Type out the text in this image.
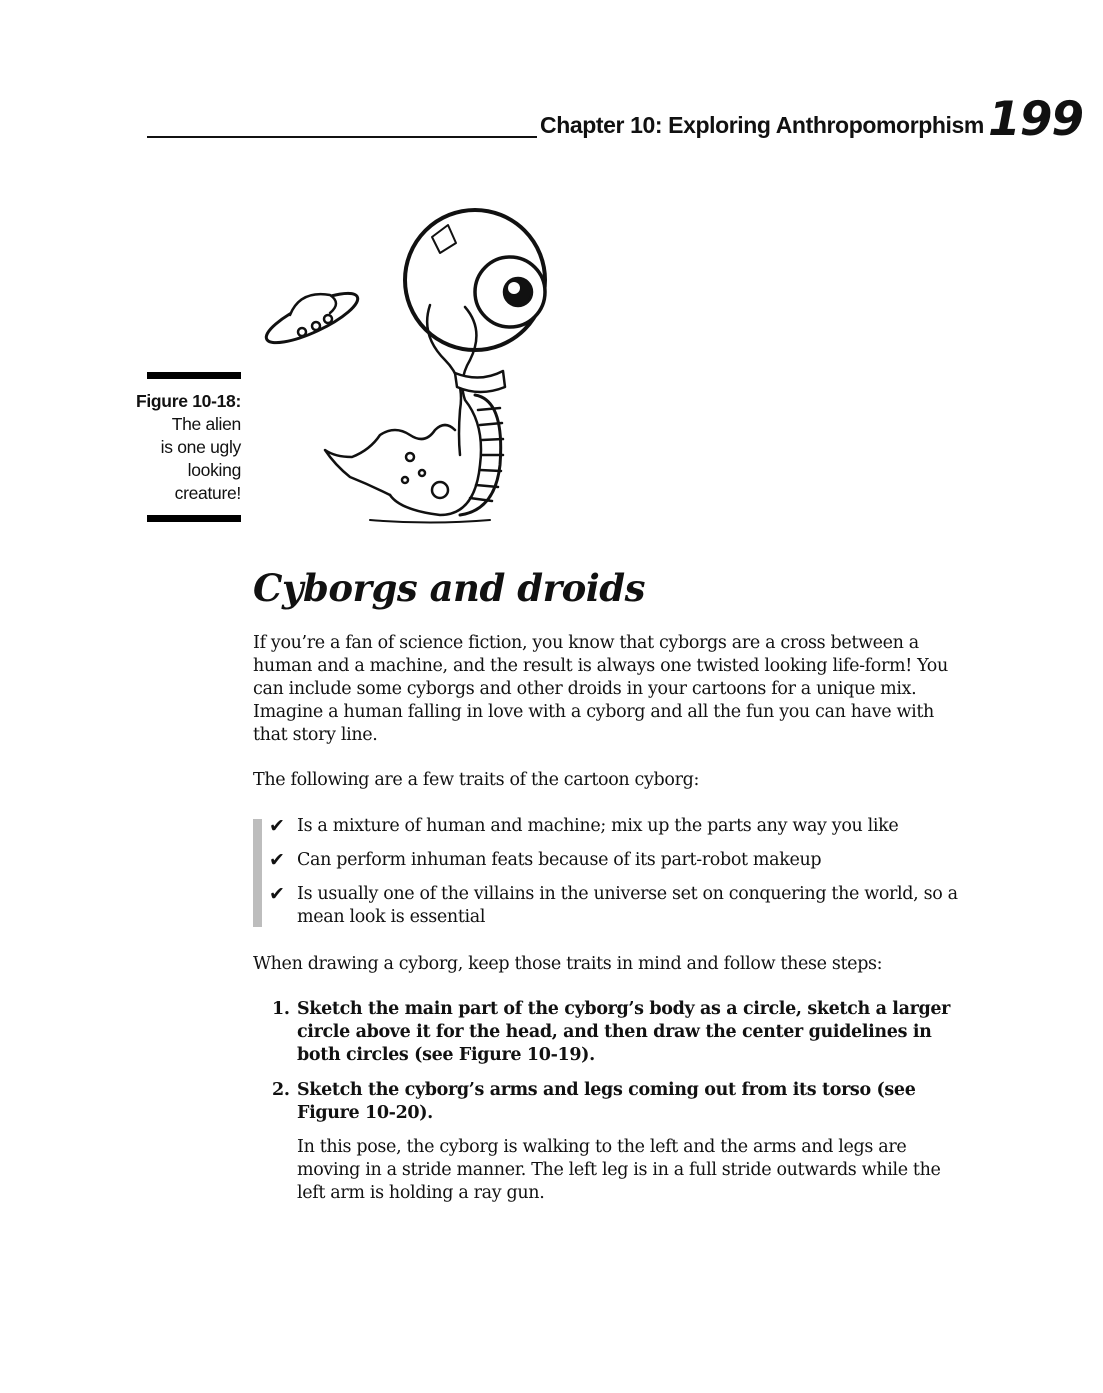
Chapter 10: Exploring Anthropomorphism 199
Figure 10-18:
The alien
is one ugly
looking
creature!
Cyborgs and droids

If you’re a fan of science fiction, you know that cyborgs are a cross between a human and a machine, and the result is always one twisted looking life-form! You can include some cyborgs and other droids in your cartoons for a unique mix. Imagine a human falling in love with a cyborg and all the fun you can have with that story line.

The following are a few traits of the cartoon cyborg:

✔ Is a mixture of human and machine; mix up the parts any way you like
✔ Can perform inhuman feats because of its part-robot makeup
✔ Is usually one of the villains in the universe set on conquering the world, so a mean look is essential

When drawing a cyborg, keep those traits in mind and follow these steps:

1. Sketch the main part of the cyborg’s body as a circle, sketch a larger circle above it for the head, and then draw the center guidelines in both circles (see Figure 10-19).
2. Sketch the cyborg’s arms and legs coming out from its torso (see Figure 10-20).
In this pose, the cyborg is walking to the left and the arms and legs are moving in a stride manner. The left leg is in a full stride outwards while the left arm is holding a ray gun.
